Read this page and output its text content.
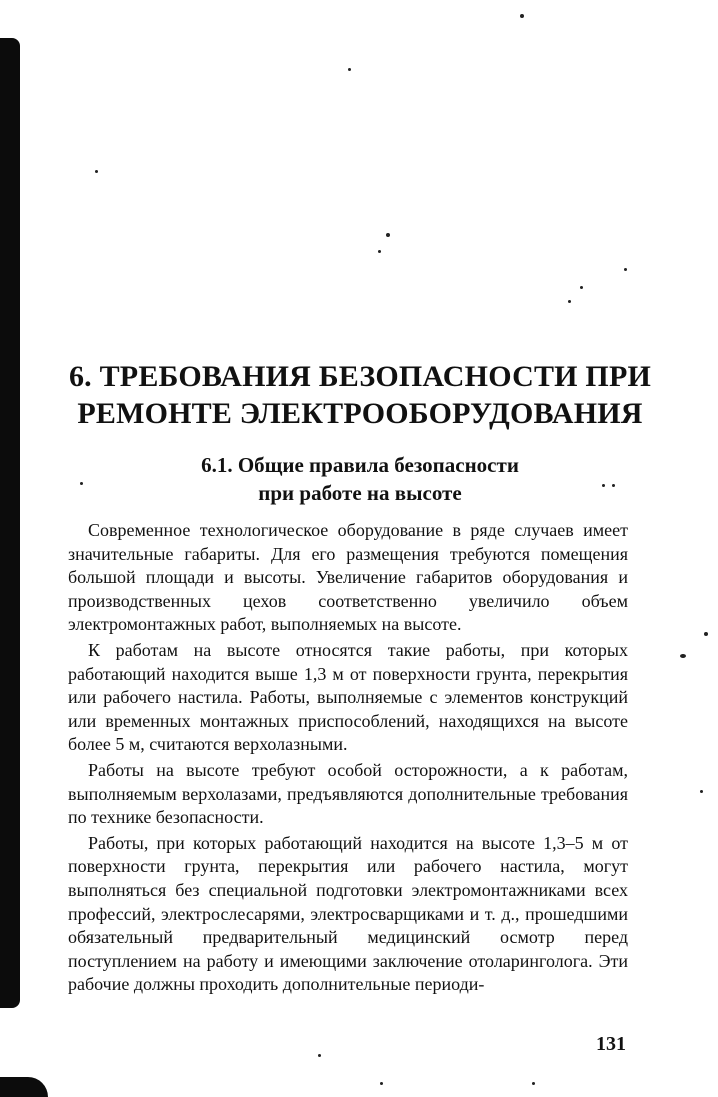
6. ТРЕБОВАНИЯ БЕЗОПАСНОСТИ ПРИ
РЕМОНТЕ ЭЛЕКТРООБОРУДОВАНИЯ
6.1. Общие правила безопасности
при работе на высоте

Современное технологическое оборудование в ряде случаев имеет значительные габариты. Для его размещения требуются помещения большой площади и высоты. Увеличение габаритов оборудования и производственных цехов соответственно увеличило объем электромонтажных работ, выполняемых на высоте.

К работам на высоте относятся такие работы, при которых работающий находится выше 1,3 м от поверхности грунта, перекрытия или рабочего настила. Работы, выполняемые с элементов конструкций или временных монтажных приспособлений, находящихся на высоте более 5 м, считаются верхолазными.

Работы на высоте требуют особой осторожности, а к работам, выполняемым верхолазами, предъявляются дополнительные требования по технике безопасности.

Работы, при которых работающий находится на высоте 1,3–5 м от поверхности грунта, перекрытия или рабочего настила, могут выполняться без специальной подготовки электромонтажниками всех профессий, электрослесарями, электросварщиками и т. д., прошедшими обязательный предварительный медицинский осмотр перед поступлением на работу и имеющими заключение отоларинголога. Эти рабочие должны проходить дополнительные периоди-

131
